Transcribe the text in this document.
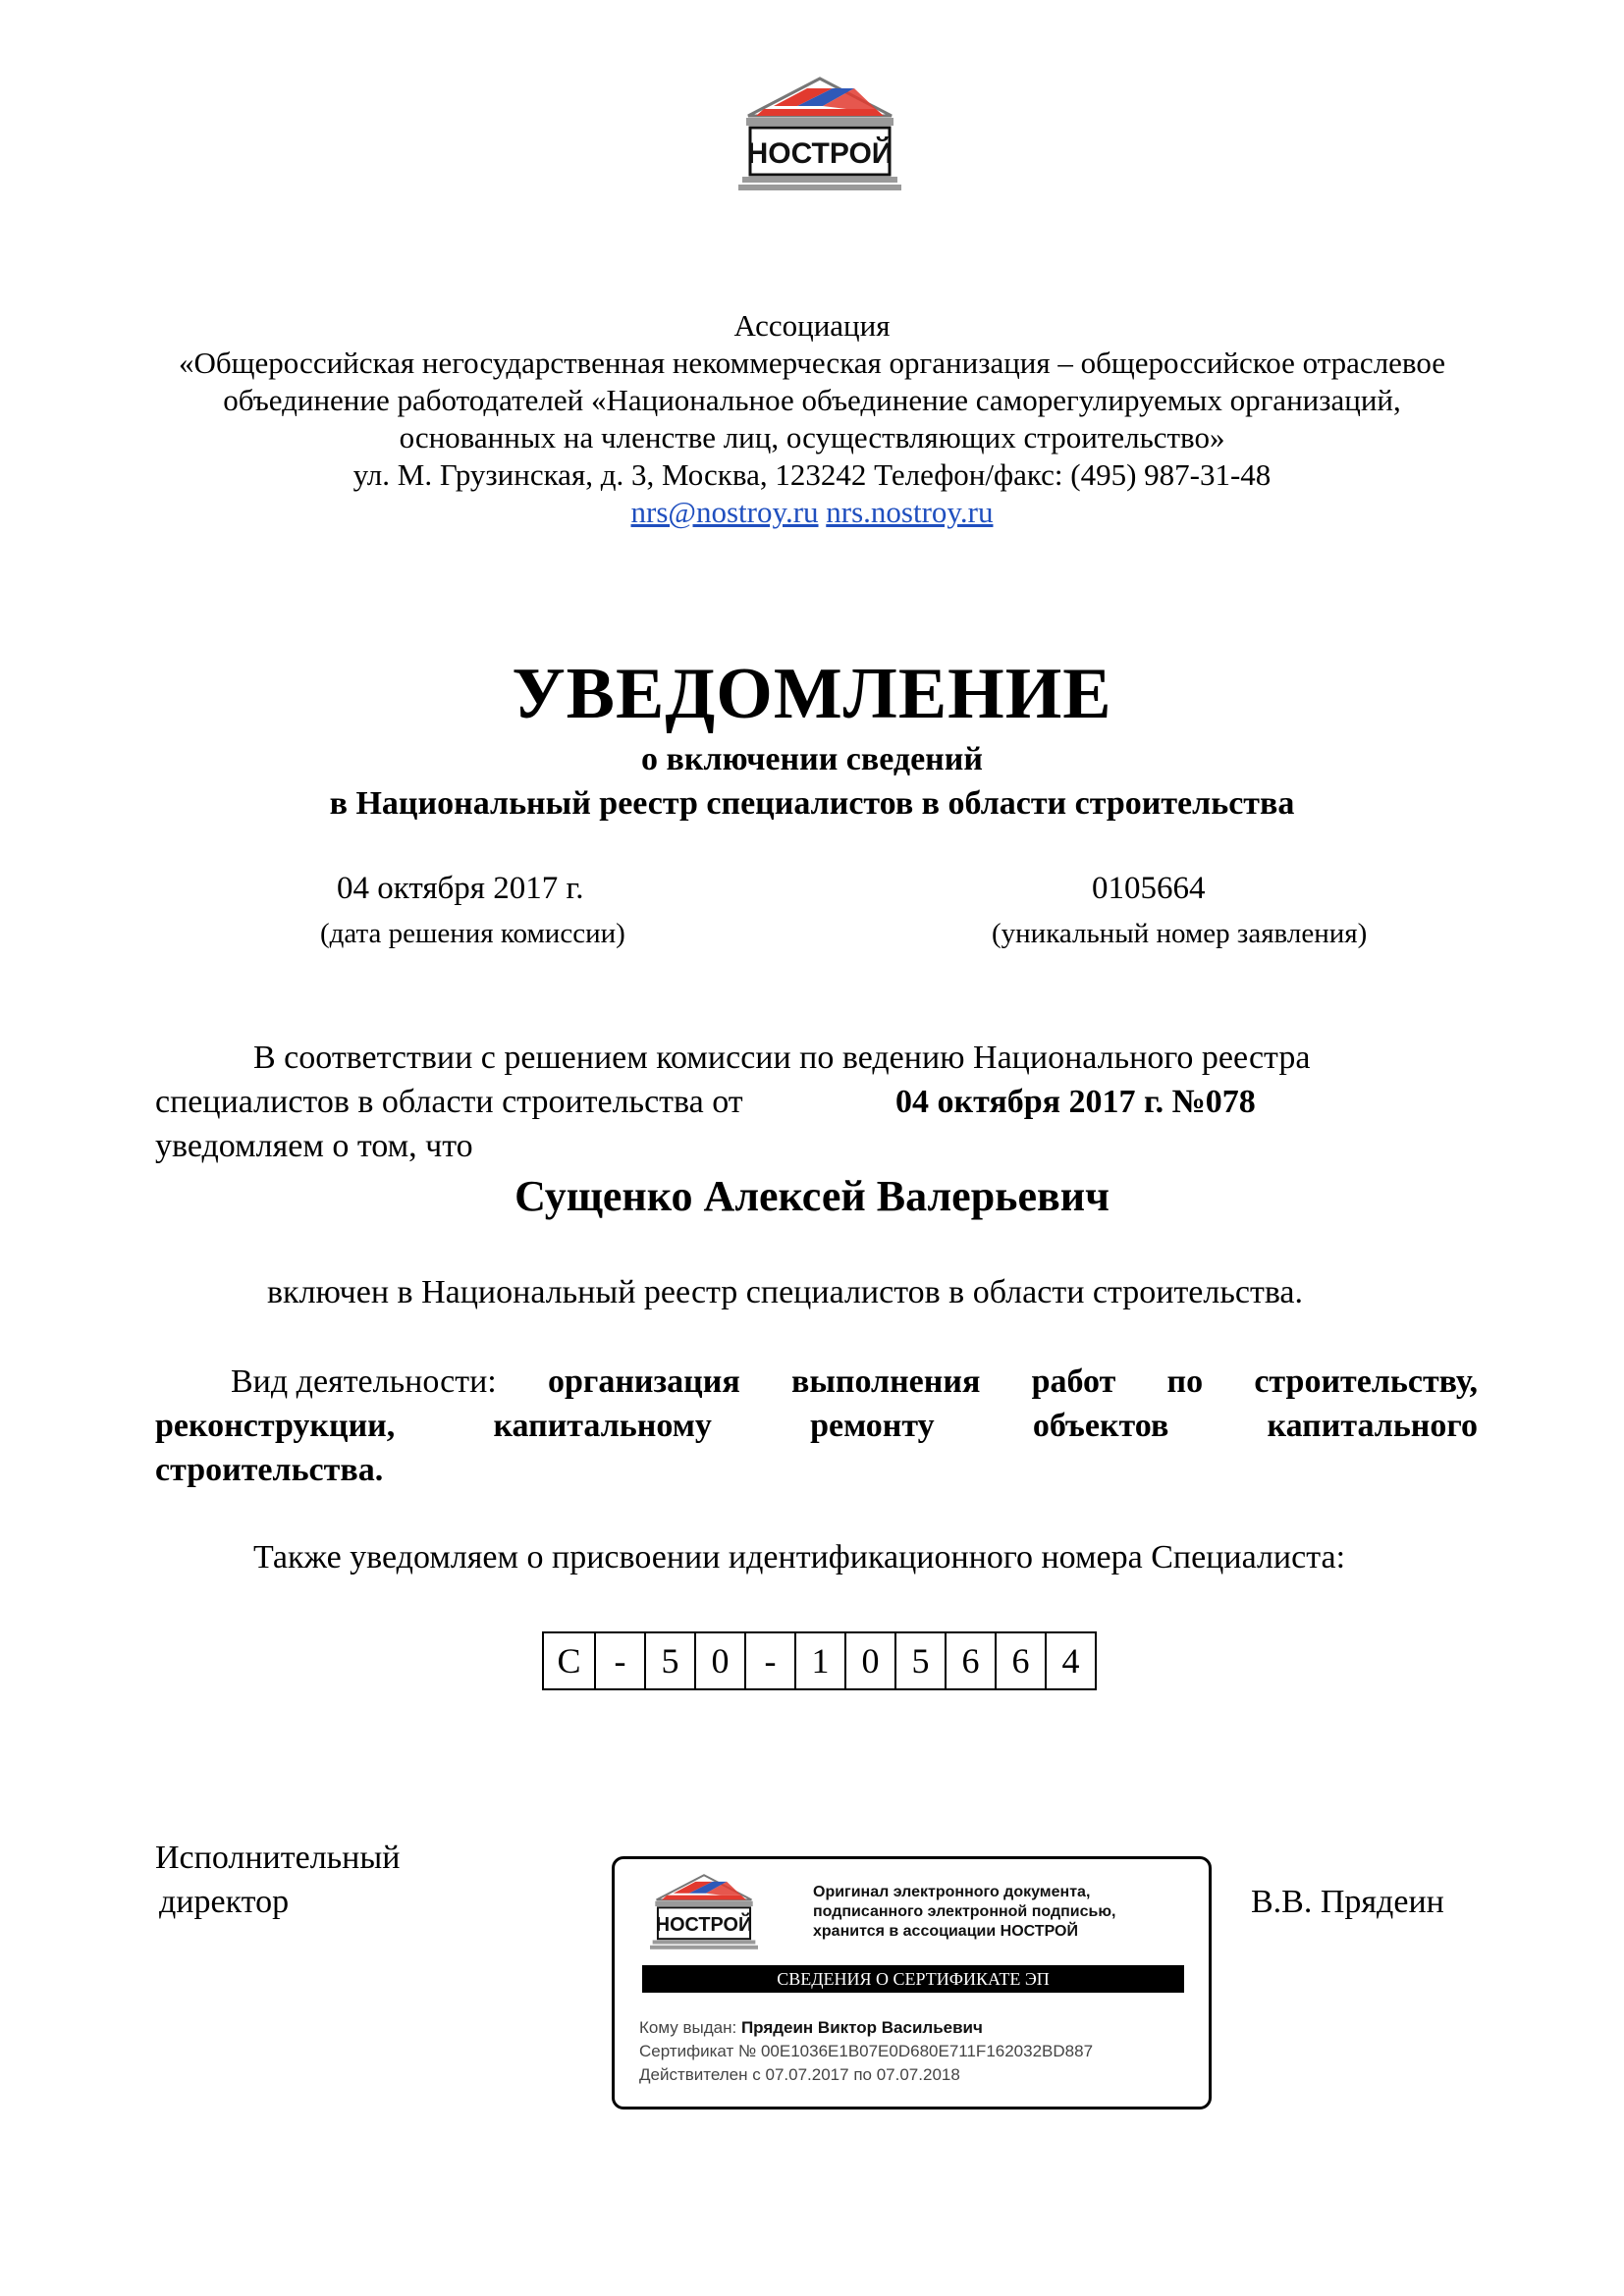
НОСТРОЙ
Ассоциация
«Общероссийская негосударственная некоммерческая организация – общероссийское отраслевое
объединение работодателей «Национальное объединение саморегулируемых организаций,
основанных на членстве лиц, осуществляющих строительство»
ул. М. Грузинская, д. 3, Москва, 123242 Телефон/факс: (495) 987-31-48
nrs@nostroy.ru nrs.nostroy.ru
УВЕДОМЛЕНИЕ
о включении сведений
в Национальный реестр специалистов в области строительства
04 октября 2017 г.
(дата решения комиссии)
0105664
(уникальный номер заявления)
В соответствии с решением комиссии по ведению Национального реестра
специалистов в области строительства от	04 октября 2017 г. №078
уведомляем о том, что
Сущенко Алексей Валерьевич
включен в Национальный реестр специалистов в области строительства.
Вид деятельности: организация выполнения работ по строительству,
реконструкции,	капитальному	ремонту	объектов	капитального
строительства.
Также уведомляем о присвоении идентификационного номера Специалиста:
С -	5 0	-	1 0 5 6 6 4
Исполнительный
директор	В.В. Прядеин
НОСТРОЙ
Оригинал электронного документа, подписанного электронной подписью, хранится в ассоциации НОСТРОЙ
СВЕДЕНИЯ О СЕРТИФИКАТЕ ЭП
Кому выдан: Прядеин Виктор Васильевич
Сертификат № 00E1036E1B07E0D680E711F162032BD887
Действителен с 07.07.2017 по 07.07.2018
